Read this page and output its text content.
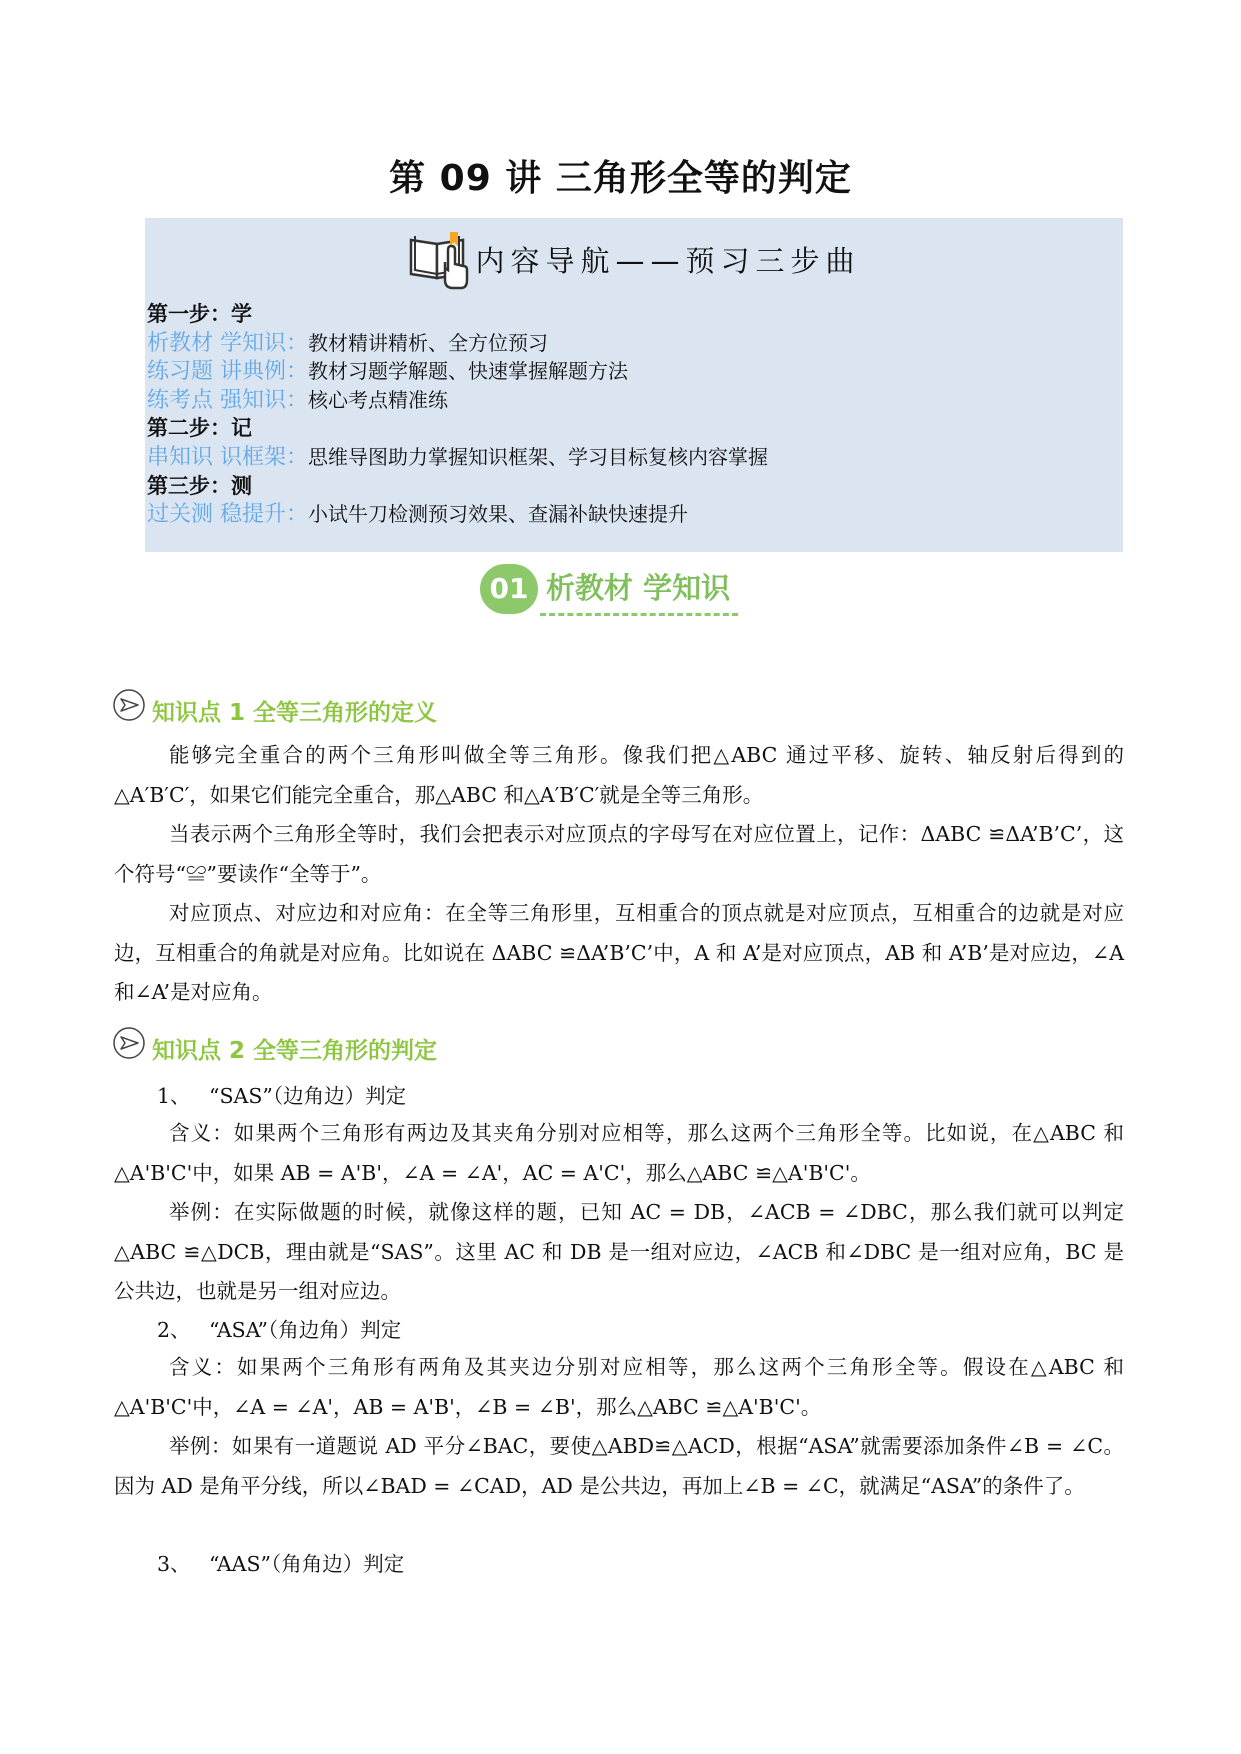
第 09 讲 三角形全等的判定
内容导航——预习三步曲
第一步：学
析教材 学知识：教材精讲精析、全方位预习
练习题 讲典例：教材习题学解题、快速掌握解题方法
练考点 强知识：核心考点精准练
第二步：记
串知识 识框架：思维导图助力掌握知识框架、学习目标复核内容掌握
第三步：测
过关测 稳提升：小试牛刀检测预习效果、查漏补缺快速提升
01 析教材 学知识
知识点 1 全等三角形的定义

能够完全重合的两个三角形叫做全等三角形。像我们把△ABC 通过平移、旋转、轴反射后得到的△A′B′C′，如果它们能完全重合，那△ABC 和△A′B′C′就是全等三角形。

当表示两个三角形全等时，我们会把表示对应顶点的字母写在对应位置上，记作：ΔABC ≌ΔA’B’C’，这个符号“≌”要读作“全等于”。

对应顶点、对应边和对应角：在全等三角形里，互相重合的顶点就是对应顶点，互相重合的边就是对应边，互相重合的角就是对应角。比如说在 ΔABC ≌ΔA’B’C’中，A 和 A’是对应顶点，AB 和 A’B’是对应边，∠A 和∠A’是对应角。

知识点 2 全等三角形的判定
1、 “SAS”（边角边）判定

含义：如果两个三角形有两边及其夹角分别对应相等，那么这两个三角形全等。比如说，在△ABC 和△A'B'C'中，如果 AB = A'B'，∠A = ∠A'，AC = A'C'，那么△ABC ≌△A'B'C'。

举例：在实际做题的时候，就像这样的题，已知 AC = DB，∠ACB = ∠DBC，那么我们就可以判定△ABC ≌△DCB，理由就是“SAS”。这里 AC 和 DB 是一组对应边，∠ACB 和∠DBC 是一组对应角，BC 是公共边，也就是另一组对应边。

2、 “ASA”（角边角）判定

含义：如果两个三角形有两角及其夹边分别对应相等，那么这两个三角形全等。假设在△ABC 和△A'B'C'中，∠A = ∠A'，AB = A'B'，∠B = ∠B'，那么△ABC ≌△A'B'C'。

举例：如果有一道题说 AD 平分∠BAC，要使△ABD≌△ACD，根据“ASA”就需要添加条件∠B = ∠C。因为 AD 是角平分线，所以∠BAD = ∠CAD，AD 是公共边，再加上∠B = ∠C，就满足“ASA”的条件了。

3、 “AAS”（角角边）判定
